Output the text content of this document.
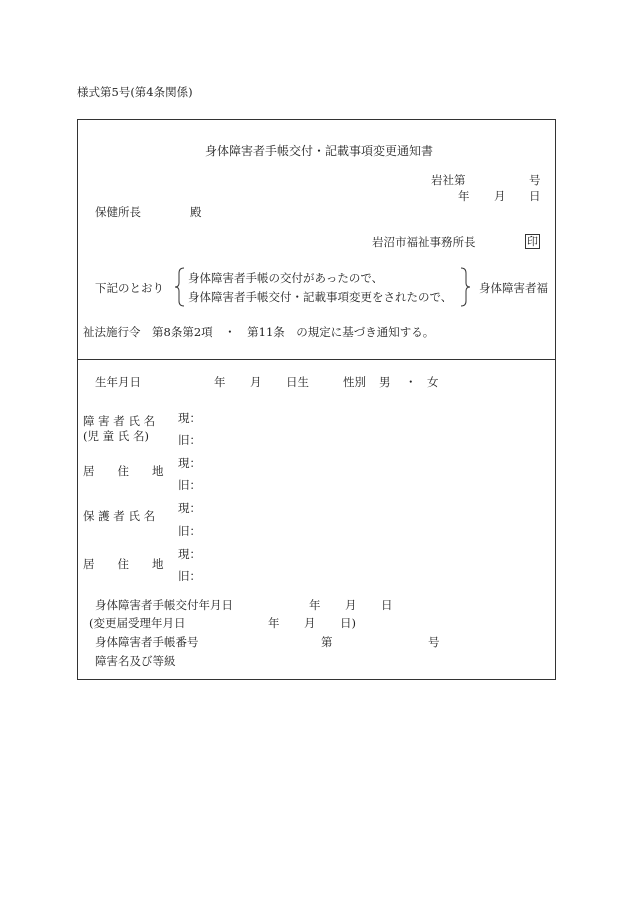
様式第5号(第4条関係)
身体障害者手帳交付・記載事項変更通知書
岩社第	号
年 月 日
保健所長	殿
岩沼市福祉事務所長	印
下記のとおり
身体障害者手帳の交付があったので、
身体障害者手帳交付・記載事項変更をされたので、
身体障害者福
祉法施行令　第8条第2項　・　第11条　の規定に基づき通知する。
生年月日	年 月 日生	性別 男 ・ 女
障 害 者 氏 名
(児 童 氏 名)
現：
旧：
居　　住　　地
現：
旧：
保 護 者 氏 名
現：
旧：
居　　住　　地
現：
旧：
身体障害者手帳交付年月日	年 月 日
(変更届受理年月日	年 月 日)
身体障害者手帳番号	第	号
障害名及び等級
